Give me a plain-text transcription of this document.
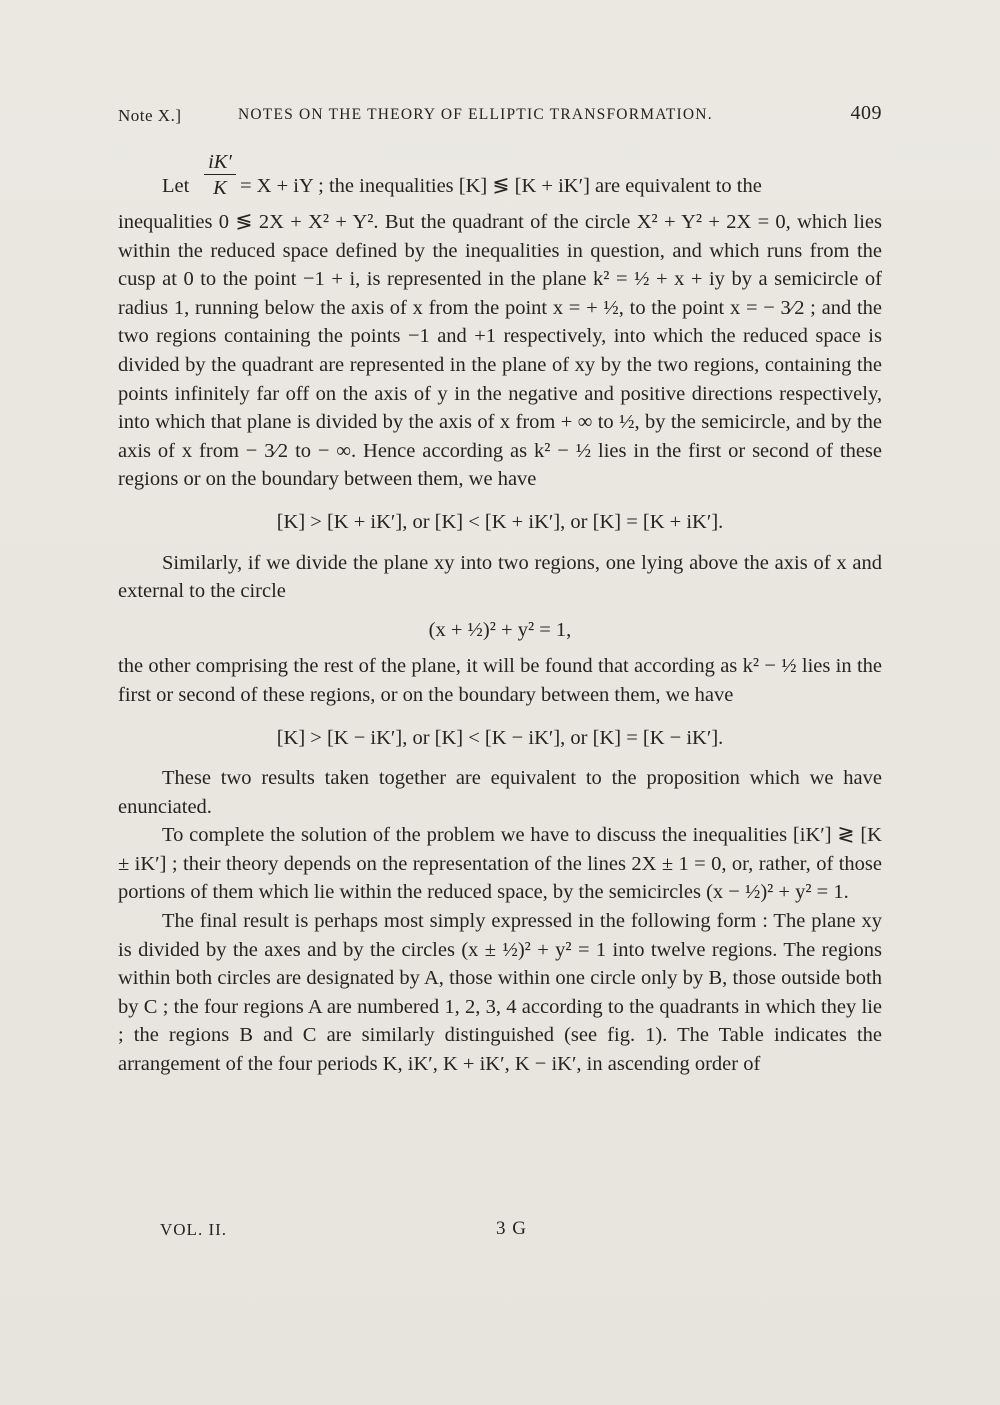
Note X.]	NOTES ON THE THEORY OF ELLIPTIC TRANSFORMATION.	409
Let $\frac{iK'}{K} = X$ + iY ; the inequalities [K] ≶ [K + iK′] are equivalent to the

inequalities 0 ≶ 2X + X² + Y². But the quadrant of the circle X² + Y² + 2X = 0, which lies within the reduced space defined by the inequalities in question, and which runs from the cusp at 0 to the point −1 + i, is represented in the plane k² = ½ + x + iy by a semicircle of radius 1, running below the axis of x from the point x = + ½, to the point x = − 3⁄2 ; and the two regions containing the points −1 and +1 respectively, into which the reduced space is divided by the quadrant are represented in the plane of xy by the two regions, containing the points infinitely far off on the axis of y in the negative and positive directions respectively, into which that plane is divided by the axis of x from + ∞ to ½, by the semicircle, and by the axis of x from − 3⁄2 to − ∞. Hence according as k² − ½ lies in the first or second of these regions or on the boundary between them, we have

[K] > [K + iK′], or [K] < [K + iK′], or [K] = [K + iK′].

Similarly, if we divide the plane xy into two regions, one lying above the axis of x and external to the circle

(x + ½)² + y² = 1,

the other comprising the rest of the plane, it will be found that according as k² − ½ lies in the first or second of these regions, or on the boundary between them, we have

[K] > [K − iK′], or [K] < [K − iK′], or [K] = [K − iK′].

These two results taken together are equivalent to the proposition which we have enunciated.

To complete the solution of the problem we have to discuss the inequalities [iK′] ≷ [K ± iK′] ; their theory depends on the representation of the lines 2X ± 1 = 0, or, rather, of those portions of them which lie within the reduced space, by the semicircles (x − ½)² + y² = 1.

The final result is perhaps most simply expressed in the following form : The plane xy is divided by the axes and by the circles (x ± ½)² + y² = 1 into twelve regions. The regions within both circles are designated by A, those within one circle only by B, those outside both by C ; the four regions A are numbered 1, 2, 3, 4 according to the quadrants in which they lie ; the regions B and C are similarly distinguished (see fig. 1). The Table indicates the arrangement of the four periods K, iK′, K + iK′, K − iK′, in ascending order of

VOL. II.	3 G
